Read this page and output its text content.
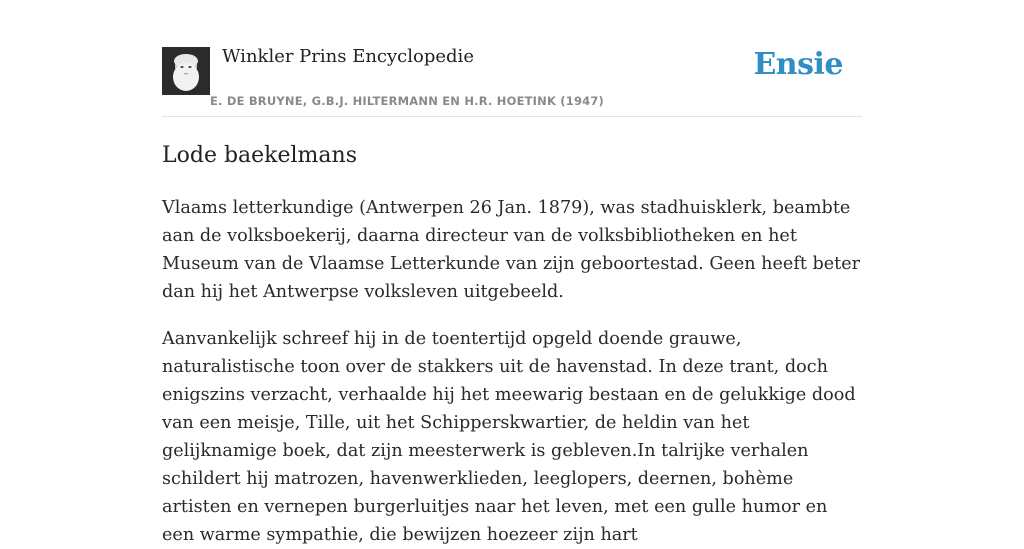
Winkler Prins Encyclopedie
E. DE BRUYNE, G.B.J. HILTERMANN EN H.R. HOETINK (1947)
Ensie
Lode baekelmans

Vlaams letterkundige (Antwerpen 26 Jan. 1879), was stadhuisklerk, beambte aan de volksboekerij, daarna directeur van de volksbibliotheken en het Museum van de Vlaamse Letterkunde van zijn geboortestad. Geen heeft beter dan hij het Antwerpse volksleven uitgebeeld.

Aanvankelijk schreef hij in de toentertijd opgeld doende grauwe, naturalistische toon over de stakkers uit de havenstad. In deze trant, doch enigszins verzacht, verhaalde hij het meewarig bestaan en de gelukkige dood van een meisje, Tille, uit het Schipperskwartier, de heldin van het gelijknamige boek, dat zijn meesterwerk is gebleven.In talrijke verhalen schildert hij matrozen, havenwerklieden, leeglopers, deernen, bohème artisten en vernepen burgerluitjes naar het leven, met een gulle humor en een warme sympathie, die bewijzen hoezeer zijn hart
